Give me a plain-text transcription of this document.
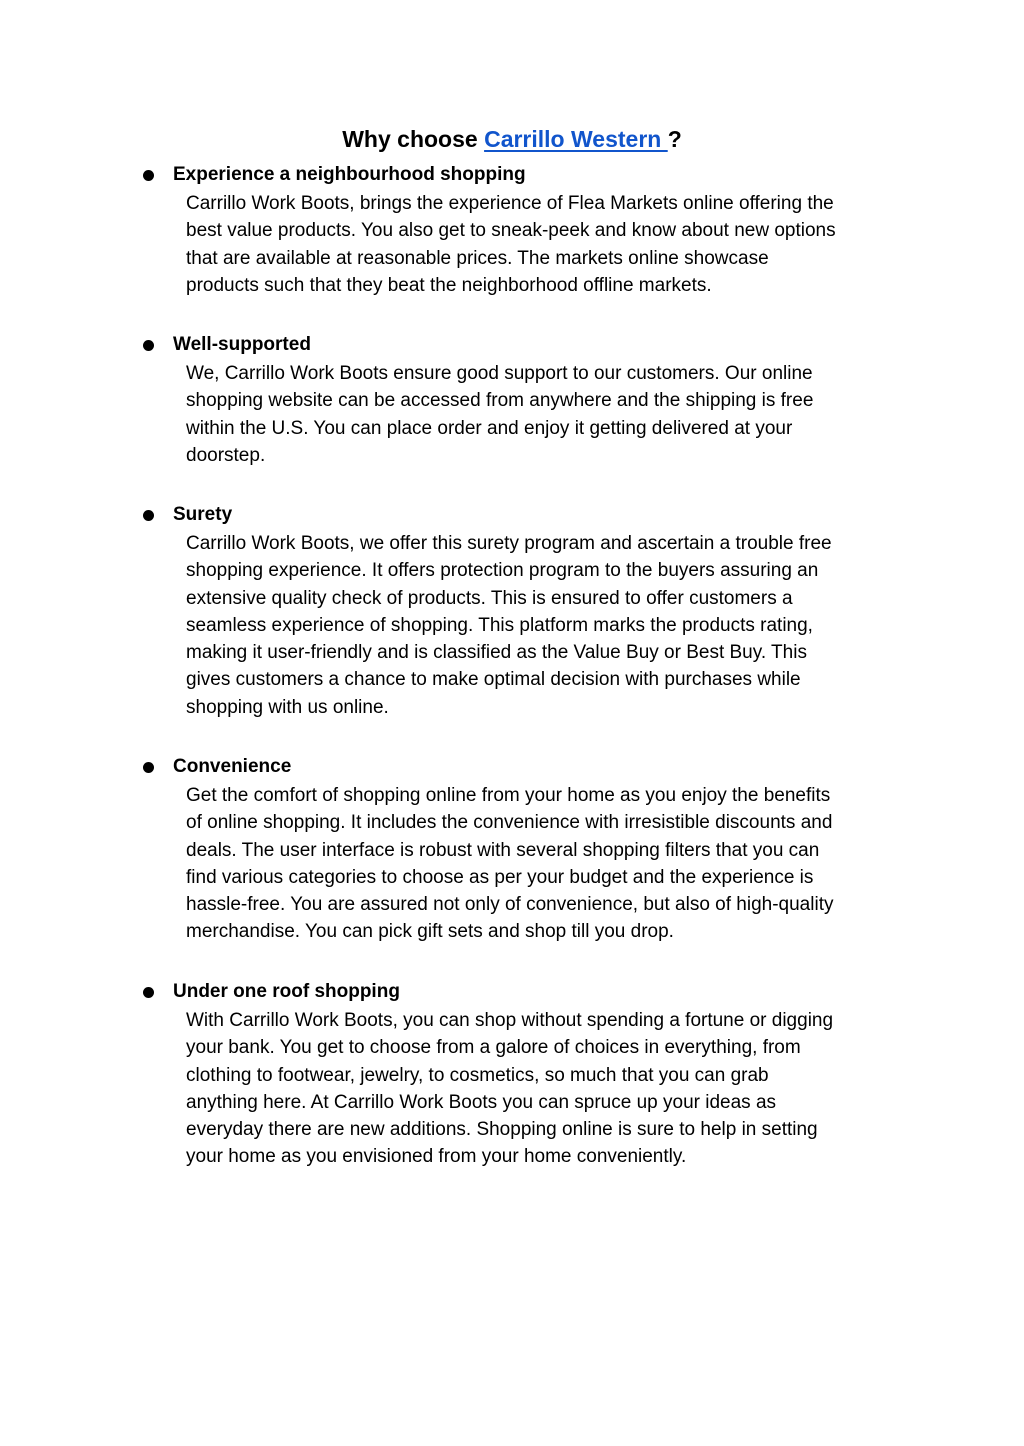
Why choose Carrillo Western ?
Experience a neighbourhood shopping
Carrillo Work Boots, brings the experience of Flea Markets online offering the
best value products. You also get to sneak-peek and know about new options
that are available at reasonable prices. The markets online showcase
products such that they beat the neighborhood offline markets.
Well-supported
We, Carrillo Work Boots ensure good support to our customers. Our online
shopping website can be accessed from anywhere and the shipping is free
within the U.S. You can place order and enjoy it getting delivered at your
doorstep.
Surety
Carrillo Work Boots, we offer this surety program and ascertain a trouble free
shopping experience. It offers protection program to the buyers assuring an
extensive quality check of products. This is ensured to offer customers a
seamless experience of shopping. This platform marks the products rating,
making it user-friendly and is classified as the Value Buy or Best Buy. This
gives customers a chance to make optimal decision with purchases while
shopping with us online.
Convenience
Get the comfort of shopping online from your home as you enjoy the benefits
of online shopping. It includes the convenience with irresistible discounts and
deals. The user interface is robust with several shopping filters that you can
find various categories to choose as per your budget and the experience is
hassle-free. You are assured not only of convenience, but also of high-quality
merchandise. You can pick gift sets and shop till you drop.
Under one roof shopping
With Carrillo Work Boots, you can shop without spending a fortune or digging
your bank. You get to choose from a galore of choices in everything, from
clothing to footwear, jewelry, to cosmetics, so much that you can grab
anything here. At Carrillo Work Boots you can spruce up your ideas as
everyday there are new additions. Shopping online is sure to help in setting
your home as you envisioned from your home conveniently.
